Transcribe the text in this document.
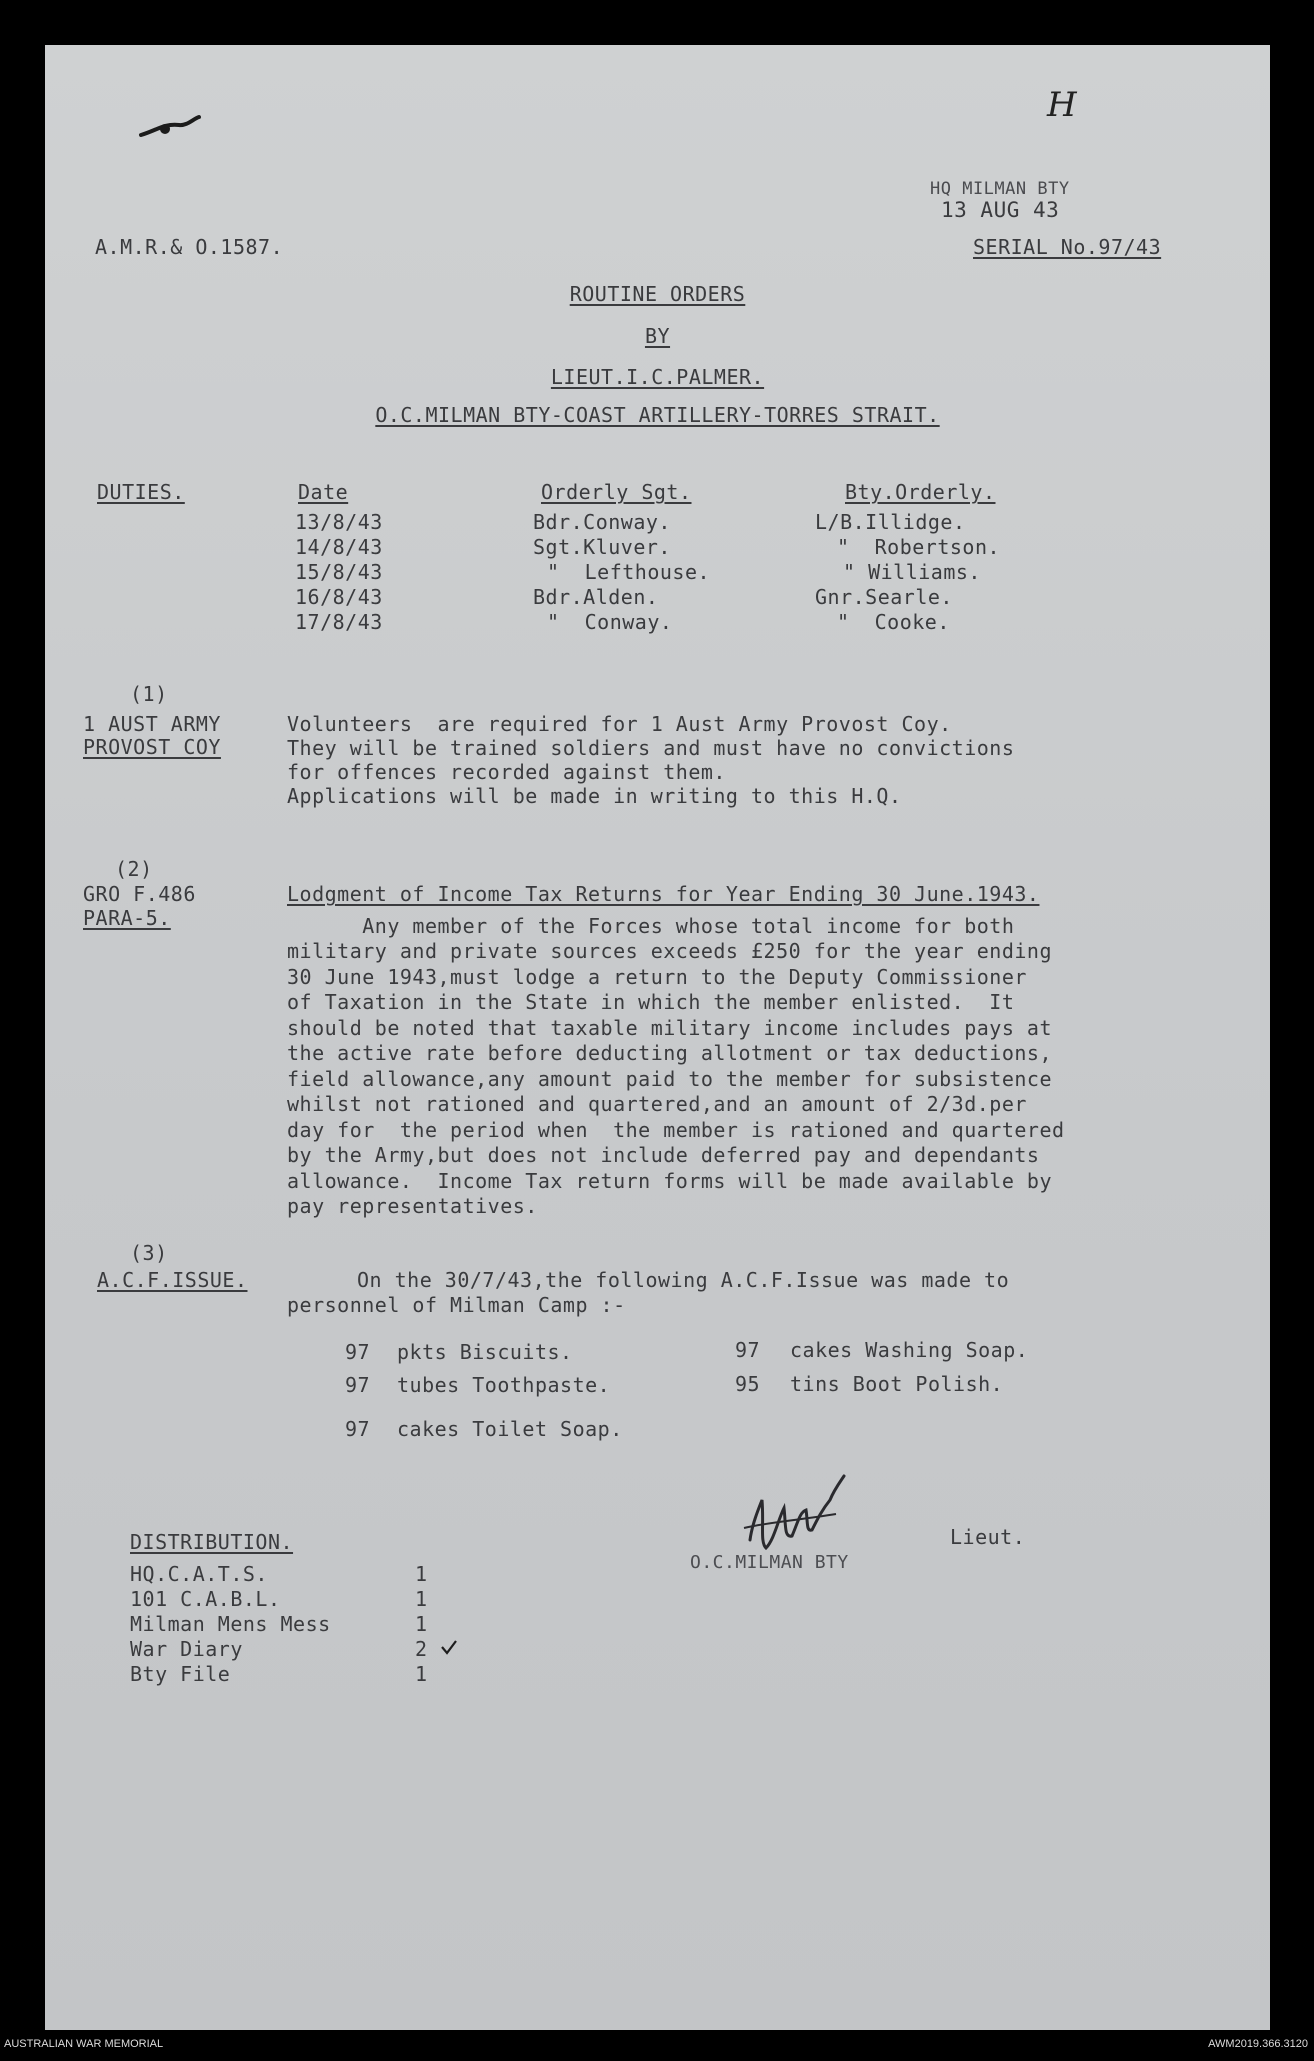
H
HQ MILMAN BTY
13 AUG 43
A.M.R.& O.1587.	SERIAL No.97/43
ROUTINE ORDERS
BY
LIEUT.I.C.PALMER.
O.C.MILMAN BTY-COAST ARTILLERY-TORRES STRAIT.
DUTIES.	Date	Orderly Sgt.	Bty.Orderly.
13/8/43	Bdr.Conway.	L/B.Illidge.
14/8/43	Sgt.Kluver.	"  Robertson.
15/8/43	"  Lefthouse.	" Williams.
16/8/43	Bdr.Alden.	Gnr.Searle.
17/8/43	"  Conway.	"  Cooke.
(1)
1 AUST ARMY
PROVOST COY
Volunteers  are required for 1 Aust Army Provost Coy.
They will be trained soldiers and must have no convictions
for offences recorded against them.
Applications will be made in writing to this H.Q.
(2)
GRO F.486
PARA-5.
Lodgment of Income Tax Returns for Year Ending 30 June.1943.
Any member of the Forces whose total income for both
military and private sources exceeds £250 for the year ending
30 June 1943,must lodge a return to the Deputy Commissioner
of Taxation in the State in which the member enlisted.  It
should be noted that taxable military income includes pays at
the active rate before deducting allotment or tax deductions,
field allowance,any amount paid to the member for subsistence
whilst not rationed and quartered,and an amount of 2/3d.per
day for  the period when  the member is rationed and quartered
by the Army,but does not include deferred pay and dependants
allowance.  Income Tax return forms will be made available by
pay representatives.
(3)
A.C.F.ISSUE.	On the 30/7/43,the following A.C.F.Issue was made to
personnel of Milman Camp :-
97 pkts Biscuits.
97 tubes Toothpaste.
97 cakes Toilet Soap.
97 cakes Washing Soap.
95 tins Boot Polish.
Lieut.
O.C.MILMAN BTY
DISTRIBUTION.
HQ.C.A.T.S.	1
101 C.A.B.L.	1
Milman Mens Mess	1
War Diary	2
Bty File	1
AUSTRALIAN WAR MEMORIAL	AWM2019.366.3120
